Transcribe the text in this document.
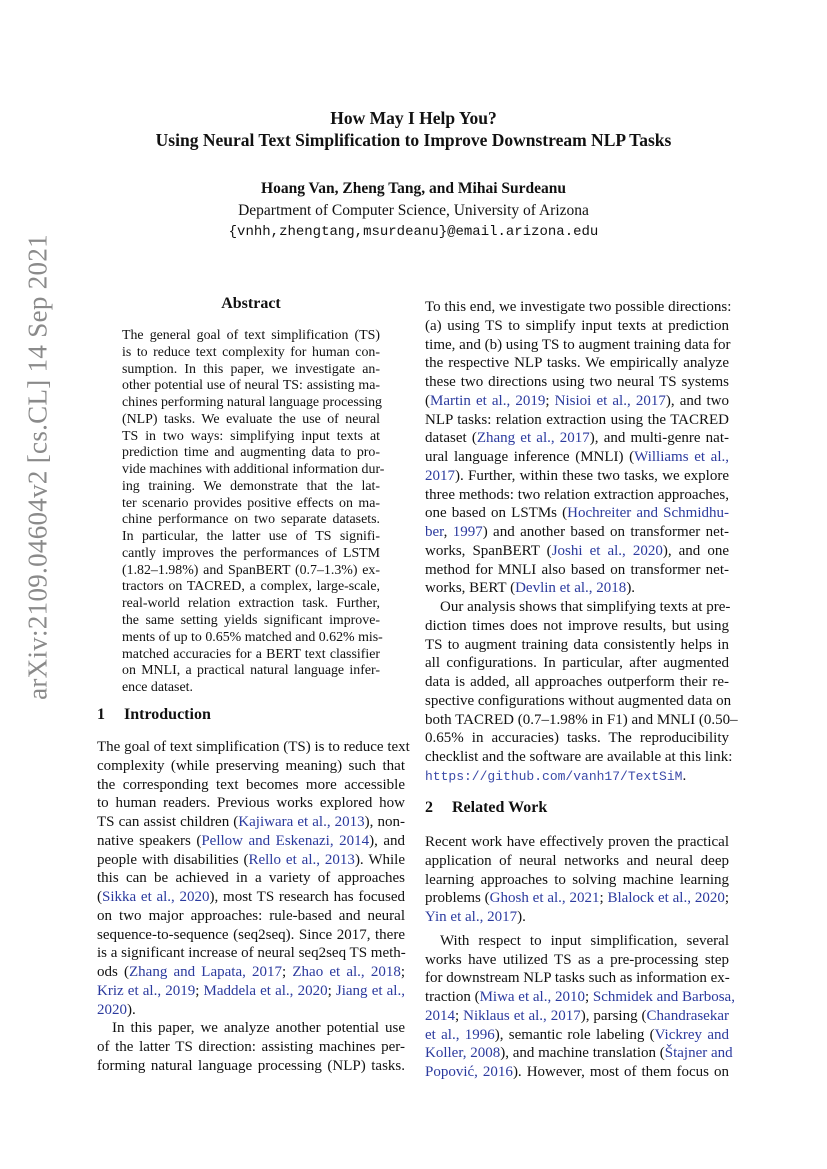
arXiv:2109.04604v2 [cs.CL] 14 Sep 2021
How May I Help You?
Using Neural Text Simplification to Improve Downstream NLP Tasks
Hoang Van, Zheng Tang, and Mihai Surdeanu
Department of Computer Science, University of Arizona
{vnhh,zhengtang,msurdeanu}@email.arizona.edu
Abstract
The general goal of text simplification (TS)
is to reduce text complexity for human con-
sumption. In this paper, we investigate an-
other potential use of neural TS: assisting ma-
chines performing natural language processing
(NLP) tasks. We evaluate the use of neural
TS in two ways: simplifying input texts at
prediction time and augmenting data to pro-
vide machines with additional information dur-
ing training. We demonstrate that the lat-
ter scenario provides positive effects on ma-
chine performance on two separate datasets.
In particular, the latter use of TS signifi-
cantly improves the performances of LSTM
(1.82–1.98%) and SpanBERT (0.7–1.3%) ex-
tractors on TACRED, a complex, large-scale,
real-world relation extraction task. Further,
the same setting yields significant improve-
ments of up to 0.65% matched and 0.62% mis-
matched accuracies for a BERT text classifier
on MNLI, a practical natural language infer-
ence dataset.
1 Introduction
The goal of text simplification (TS) is to reduce text
complexity (while preserving meaning) such that
the corresponding text becomes more accessible
to human readers. Previous works explored how
TS can assist children (Kajiwara et al., 2013), non-
native speakers (Pellow and Eskenazi, 2014), and
people with disabilities (Rello et al., 2013). While
this can be achieved in a variety of approaches
(Sikka et al., 2020), most TS research has focused
on two major approaches: rule-based and neural
sequence-to-sequence (seq2seq). Since 2017, there
is a significant increase of neural seq2seq TS meth-
ods (Zhang and Lapata, 2017; Zhao et al., 2018;
Kriz et al., 2019; Maddela et al., 2020; Jiang et al.,
2020).
In this paper, we analyze another potential use
of the latter TS direction: assisting machines per-
forming natural language processing (NLP) tasks.
To this end, we investigate two possible directions:
(a) using TS to simplify input texts at prediction
time, and (b) using TS to augment training data for
the respective NLP tasks. We empirically analyze
these two directions using two neural TS systems
(Martin et al., 2019; Nisioi et al., 2017), and two
NLP tasks: relation extraction using the TACRED
dataset (Zhang et al., 2017), and multi-genre nat-
ural language inference (MNLI) (Williams et al.,
2017). Further, within these two tasks, we explore
three methods: two relation extraction approaches,
one based on LSTMs (Hochreiter and Schmidhu-
ber, 1997) and another based on transformer net-
works, SpanBERT (Joshi et al., 2020), and one
method for MNLI also based on transformer net-
works, BERT (Devlin et al., 2018).
Our analysis shows that simplifying texts at pre-
diction times does not improve results, but using
TS to augment training data consistently helps in
all configurations. In particular, after augmented
data is added, all approaches outperform their re-
spective configurations without augmented data on
both TACRED (0.7–1.98% in F1) and MNLI (0.50–
0.65% in accuracies) tasks. The reproducibility
checklist and the software are available at this link:
https://github.com/vanh17/TextSiM.
2 Related Work
Recent work have effectively proven the practical
application of neural networks and neural deep
learning approaches to solving machine learning
problems (Ghosh et al., 2021; Blalock et al., 2020;
Yin et al., 2017).
With respect to input simplification, several
works have utilized TS as a pre-processing step
for downstream NLP tasks such as information ex-
traction (Miwa et al., 2010; Schmidek and Barbosa,
2014; Niklaus et al., 2017), parsing (Chandrasekar
et al., 1996), semantic role labeling (Vickrey and
Koller, 2008), and machine translation (Štajner and
Popović, 2016). However, most of them focus on
